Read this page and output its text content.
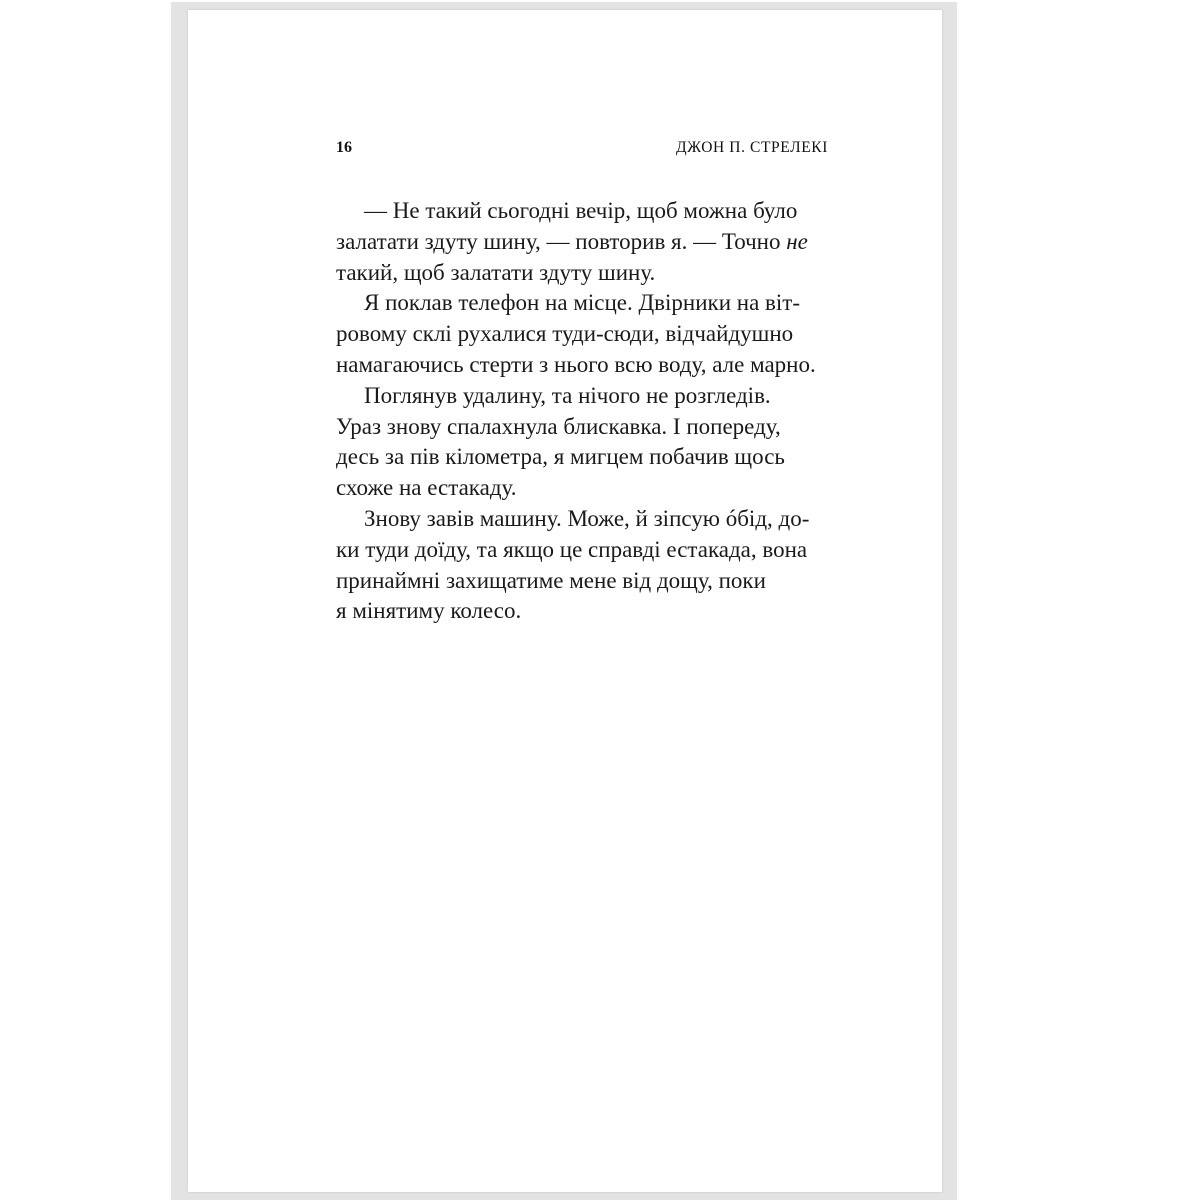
16	ДЖОН П. СТРЕЛЕКІ
— Не такий сьогодні вечір, щоб можна було
залатати здуту шину, — повторив я. — Точно не
такий, щоб залатати здуту шину.
Я поклав телефон на місце. Двірники на віт-
ровому склі рухалися туди-сюди, відчайдушно
намагаючись стерти з нього всю воду, але марно.
Поглянув удалину, та нічого не розгледів.
Ураз знову спалахнула блискавка. І попереду,
десь за пів кілометра, я мигцем побачив щось
схоже на естакаду.
Знову завів машину. Може, й зіпсую óбід, до-
ки туди доїду, та якщо це справді естакада, вона
принаймні захищатиме мене від дощу, поки
я мінятиму колесо.
